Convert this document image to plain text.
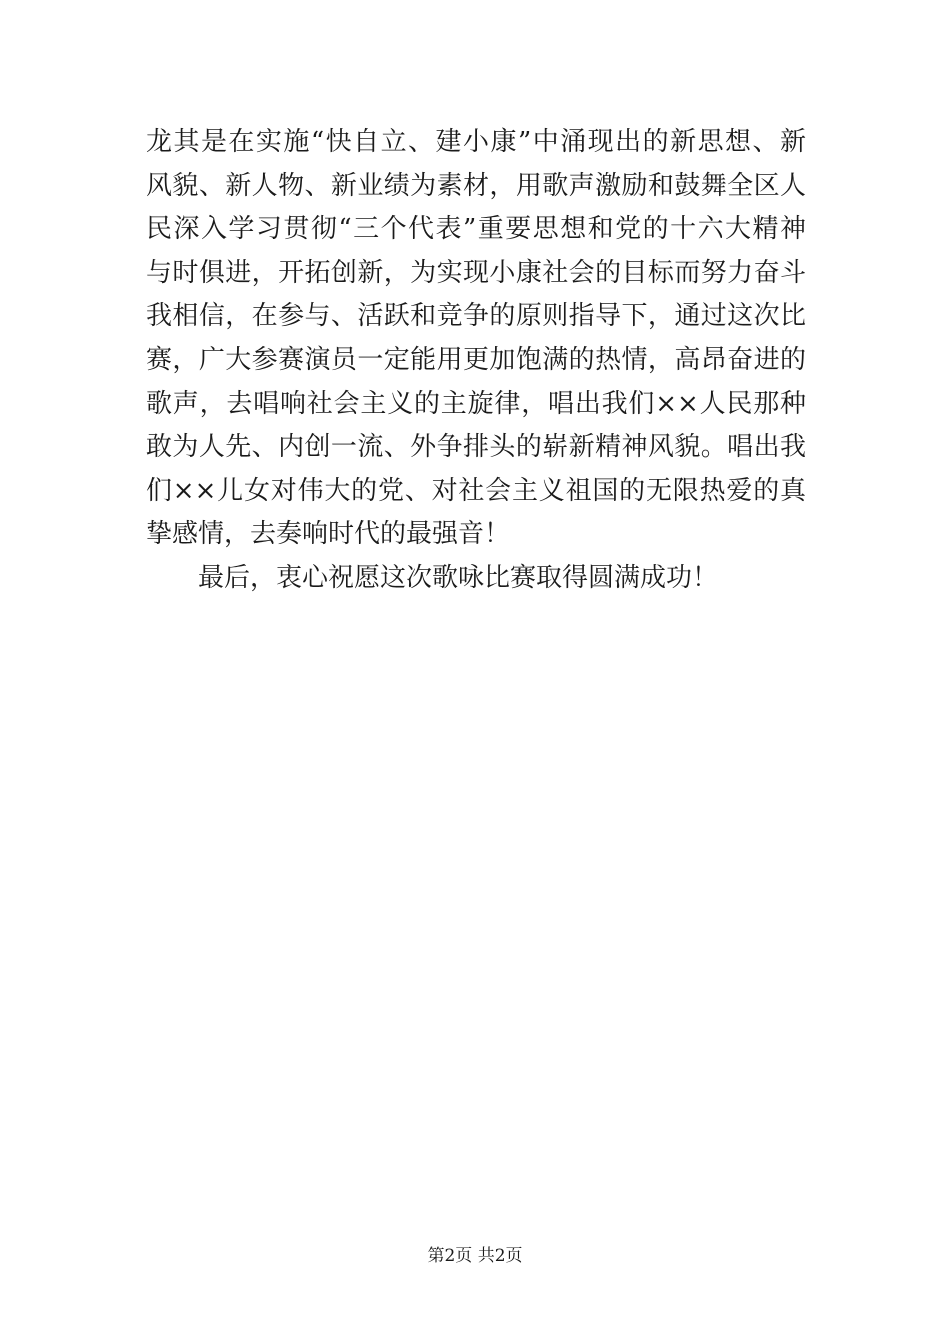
龙其是在实施“快自立、建小康”中涌现出的新思想、新
风貌、新人物、新业绩为素材，用歌声激励和鼓舞全区人
民深入学习贯彻“三个代表”重要思想和党的十六大精神
与时俱进，开拓创新，为实现小康社会的目标而努力奋斗
我相信，在参与、活跃和竞争的原则指导下，通过这次比
赛，广大参赛演员一定能用更加饱满的热情，高昂奋进的
歌声，去唱响社会主义的主旋律，唱出我们××人民那种
敢为人先、内创一流、外争排头的崭新精神风貌。唱出我
们××儿女对伟大的党、对社会主义祖国的无限热爱的真
挚感情，去奏响时代的最强音！
最后，衷心祝愿这次歌咏比赛取得圆满成功！
第2页 共2页
